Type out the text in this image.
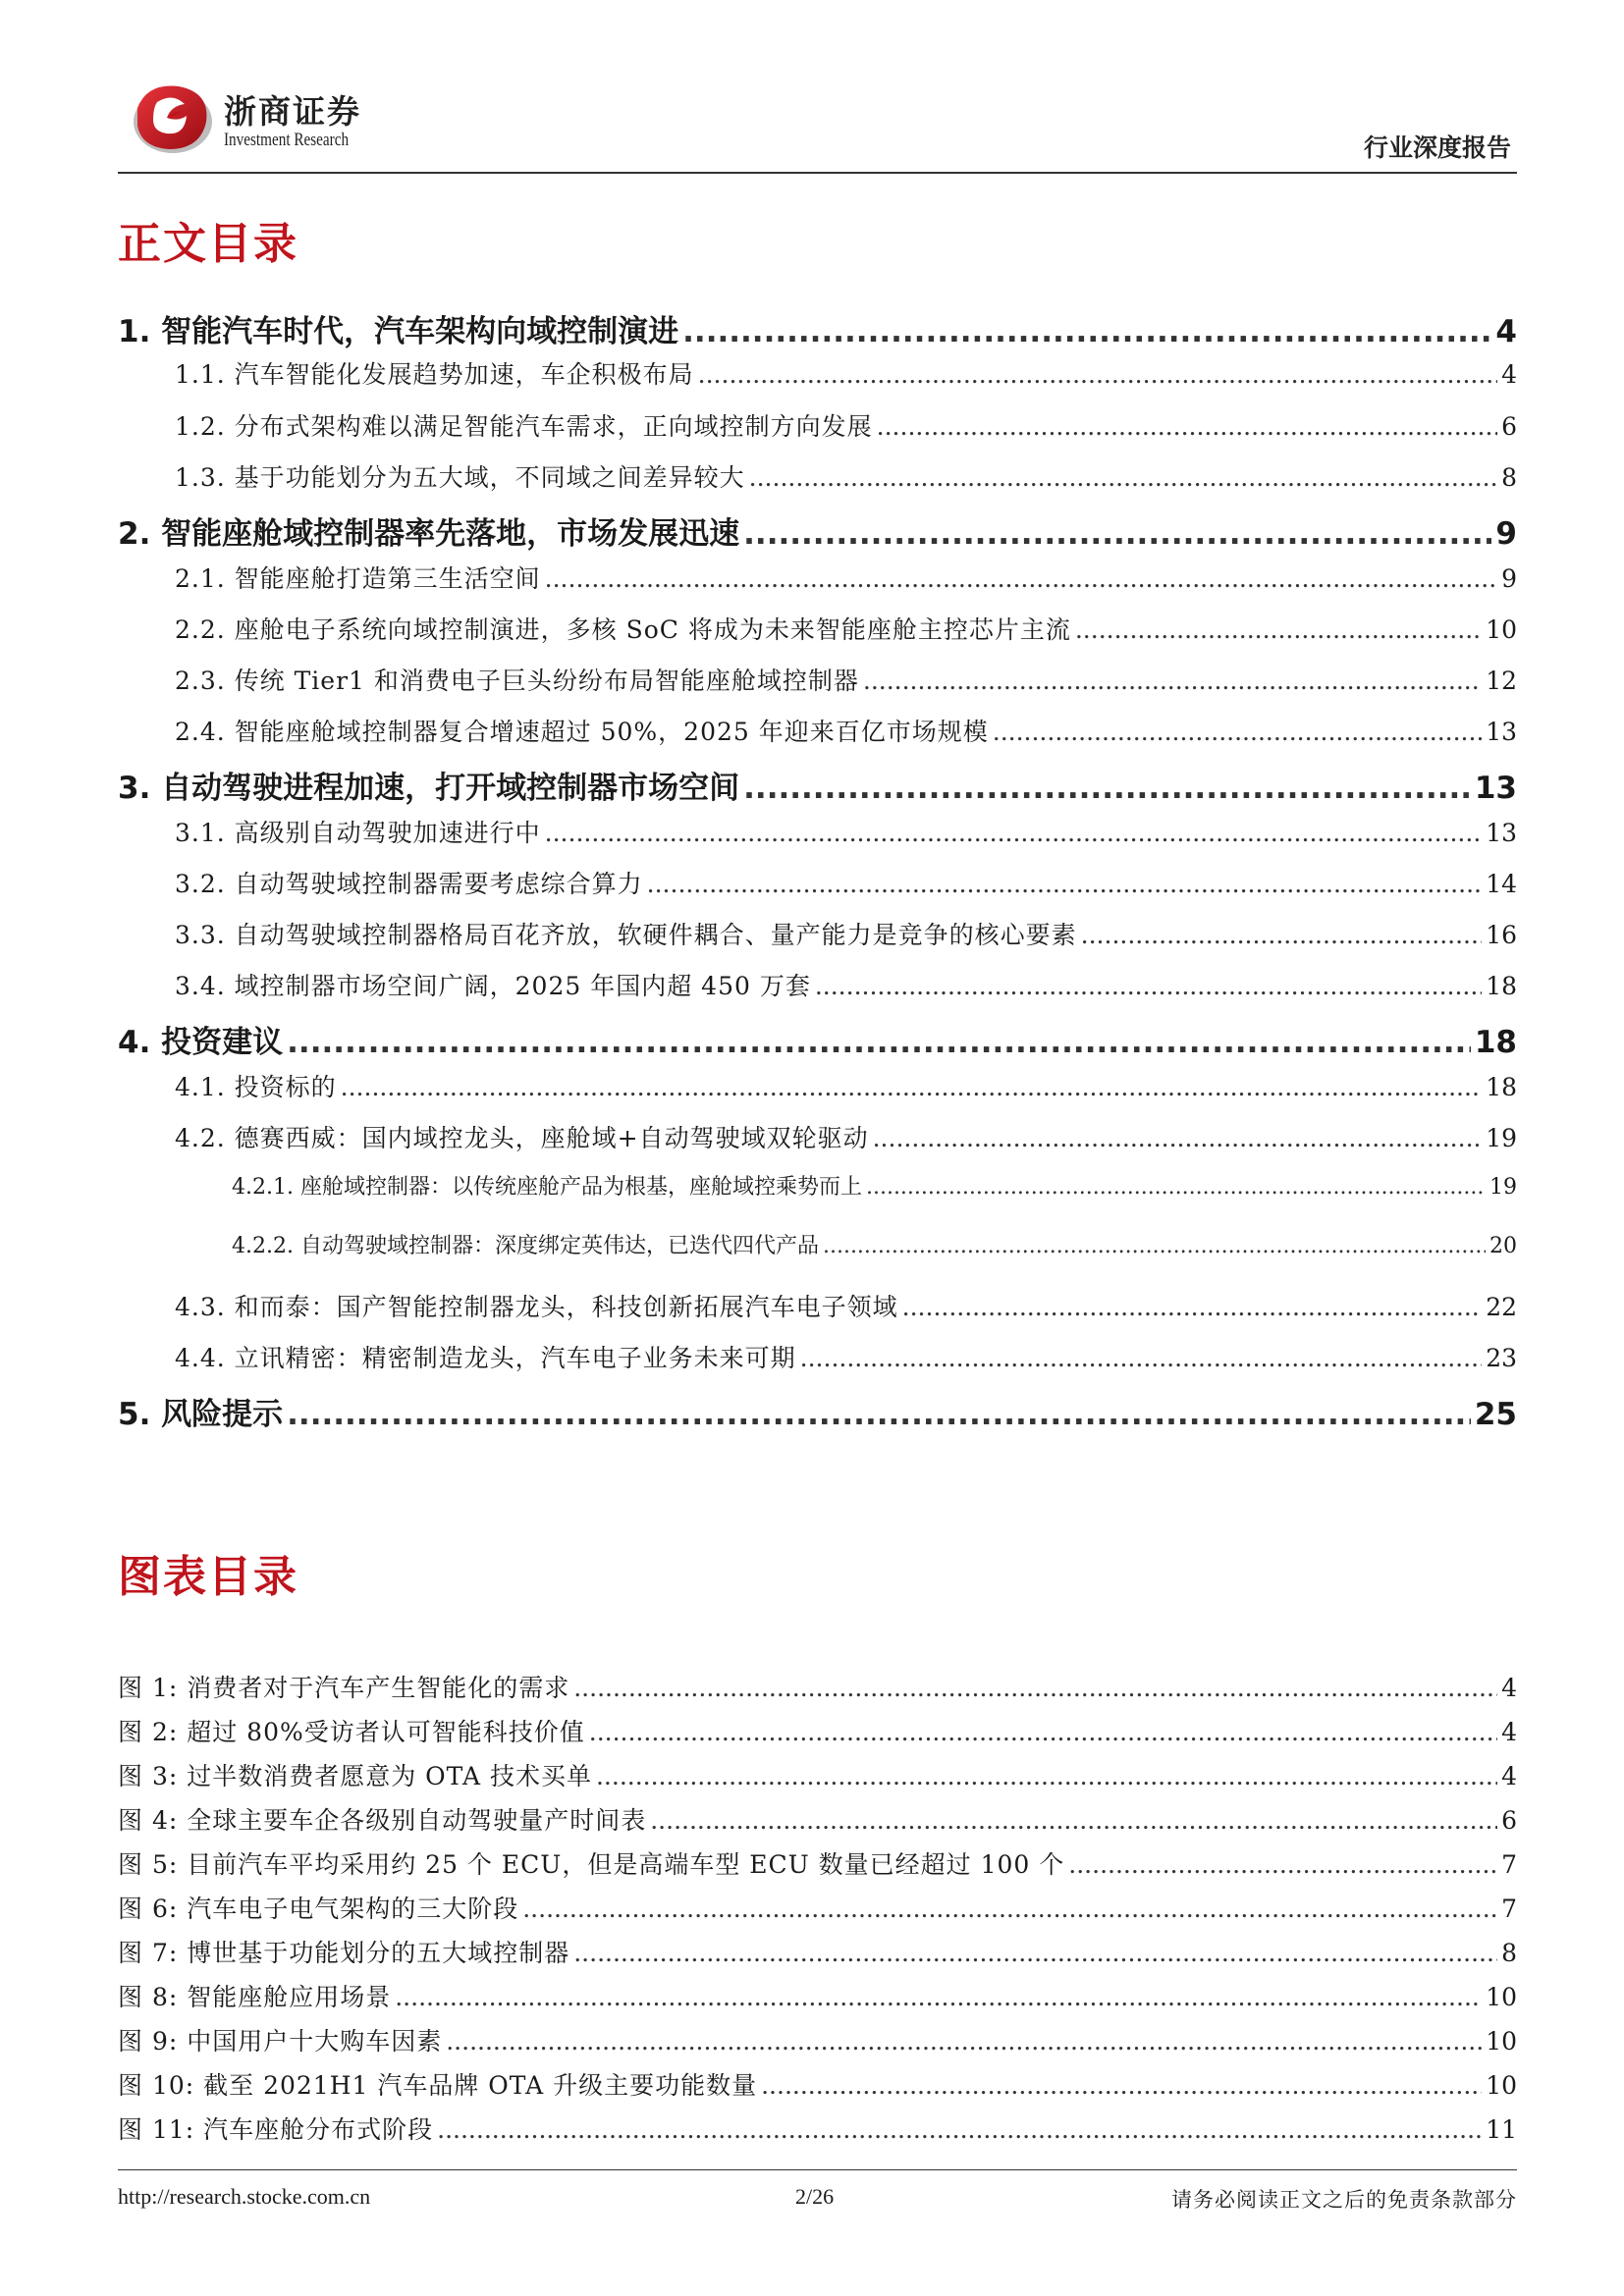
浙商证券
Investment Research	行业深度报告
正文目录
1. 智能汽车时代，汽车架构向域控制演进 .....	4
1.1. 汽车智能化发展趋势加速，车企积极布局 .....	4
1.2. 分布式架构难以满足智能汽车需求，正向域控制方向发展 .....	6
1.3. 基于功能划分为五大域，不同域之间差异较大 .....	8
2. 智能座舱域控制器率先落地，市场发展迅速 .....	9
2.1. 智能座舱打造第三生活空间 .....	9
2.2. 座舱电子系统向域控制演进，多核 SoC 将成为未来智能座舱主控芯片主流 .....	10
2.3. 传统 Tier1 和消费电子巨头纷纷布局智能座舱域控制器 .....	12
2.4. 智能座舱域控制器复合增速超过 50%，2025 年迎来百亿市场规模 .....	13
3. 自动驾驶进程加速，打开域控制器市场空间 .....	13
3.1. 高级别自动驾驶加速进行中 .....	13
3.2. 自动驾驶域控制器需要考虑综合算力 .....	14
3.3. 自动驾驶域控制器格局百花齐放，软硬件耦合、量产能力是竞争的核心要素 .....	16
3.4. 域控制器市场空间广阔，2025 年国内超 450 万套 .....	18
4. 投资建议 .....	18
4.1. 投资标的 .....	18
4.2. 德赛西威：国内域控龙头，座舱域+自动驾驶域双轮驱动 .....	19
4.2.1. 座舱域控制器：以传统座舱产品为根基，座舱域控乘势而上 .....	19
4.2.2. 自动驾驶域控制器：深度绑定英伟达，已迭代四代产品 .....	20
4.3. 和而泰：国产智能控制器龙头，科技创新拓展汽车电子领域 .....	22
4.4. 立讯精密：精密制造龙头，汽车电子业务未来可期 .....	23
5. 风险提示 .....	25
图表目录
图 1: 消费者对于汽车产生智能化的需求 .....	4
图 2: 超过 80%受访者认可智能科技价值 .....	4
图 3: 过半数消费者愿意为 OTA 技术买单 .....	4
图 4: 全球主要车企各级别自动驾驶量产时间表 .....	6
图 5: 目前汽车平均采用约 25 个 ECU，但是高端车型 ECU 数量已经超过 100 个 .....	7
图 6: 汽车电子电气架构的三大阶段 .....	7
图 7: 博世基于功能划分的五大域控制器 .....	8
图 8: 智能座舱应用场景 .....	10
图 9: 中国用户十大购车因素 .....	10
图 10: 截至 2021H1 汽车品牌 OTA 升级主要功能数量 .....	10
图 11: 汽车座舱分布式阶段 .....	11
http://research.stocke.com.cn	2/26	请务必阅读正文之后的免责条款部分
